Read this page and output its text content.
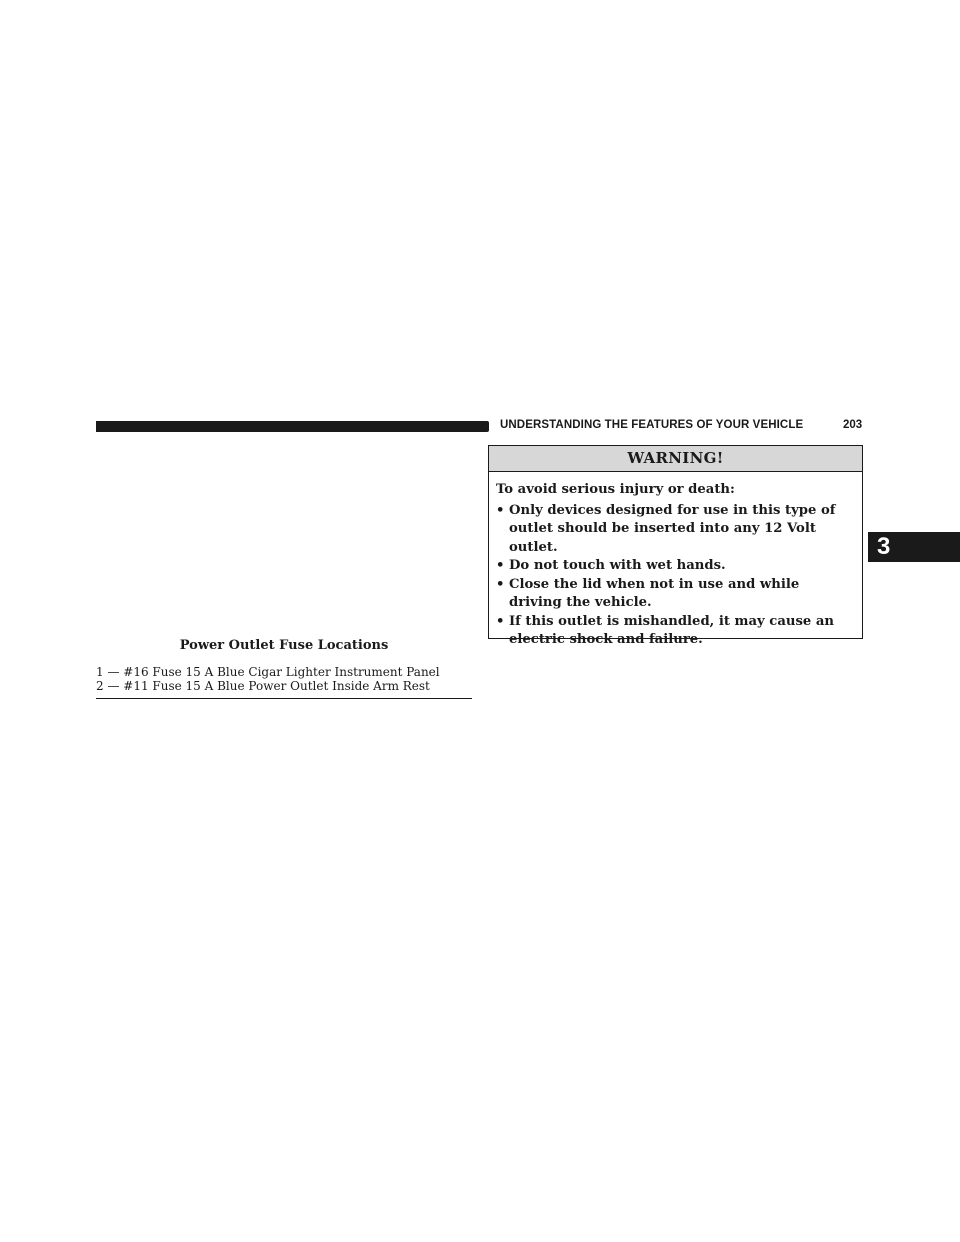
UNDERSTANDING THE FEATURES OF YOUR VEHICLE	203
3
Power Outlet Fuse Locations
1 — #16 Fuse 15 A Blue Cigar Lighter Instrument Panel
2 — #11 Fuse 15 A Blue Power Outlet Inside Arm Rest
WARNING!
To avoid serious injury or death:
• Only devices designed for use in this type of outlet should be inserted into any 12 Volt outlet.
• Do not touch with wet hands.
• Close the lid when not in use and while driving the vehicle.
• If this outlet is mishandled, it may cause an electric shock and failure.
